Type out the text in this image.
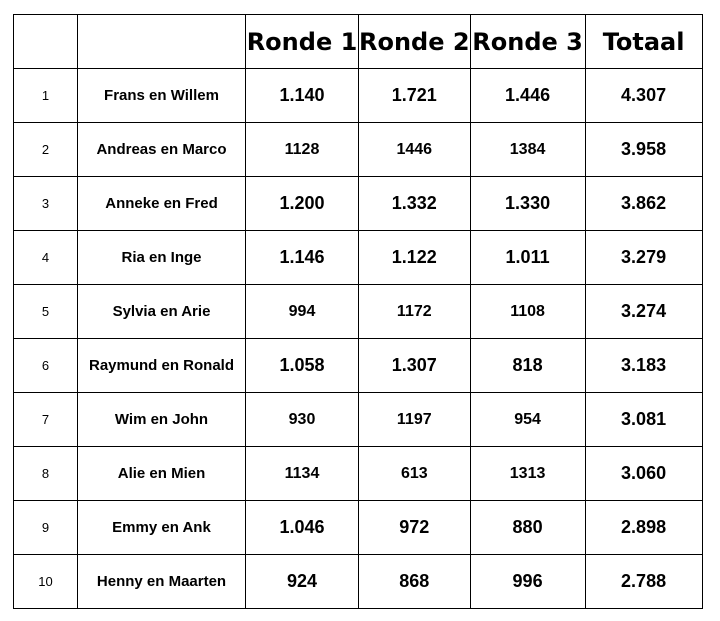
		Ronde 1	Ronde 2	Ronde 3	Totaal
1	Frans en Willem	1.140	1.721	1.446	4.307
2	Andreas en Marco	1128	1446	1384	3.958
3	Anneke en Fred	1.200	1.332	1.330	3.862
4	Ria en Inge	1.146	1.122	1.011	3.279
5	Sylvia en Arie	994	1172	1108	3.274
6	Raymund en Ronald	1.058	1.307	818	3.183
7	Wim en John	930	1197	954	3.081
8	Alie en Mien	1134	613	1313	3.060
9	Emmy en Ank	1.046	972	880	2.898
10	Henny en Maarten	924	868	996	2.788
